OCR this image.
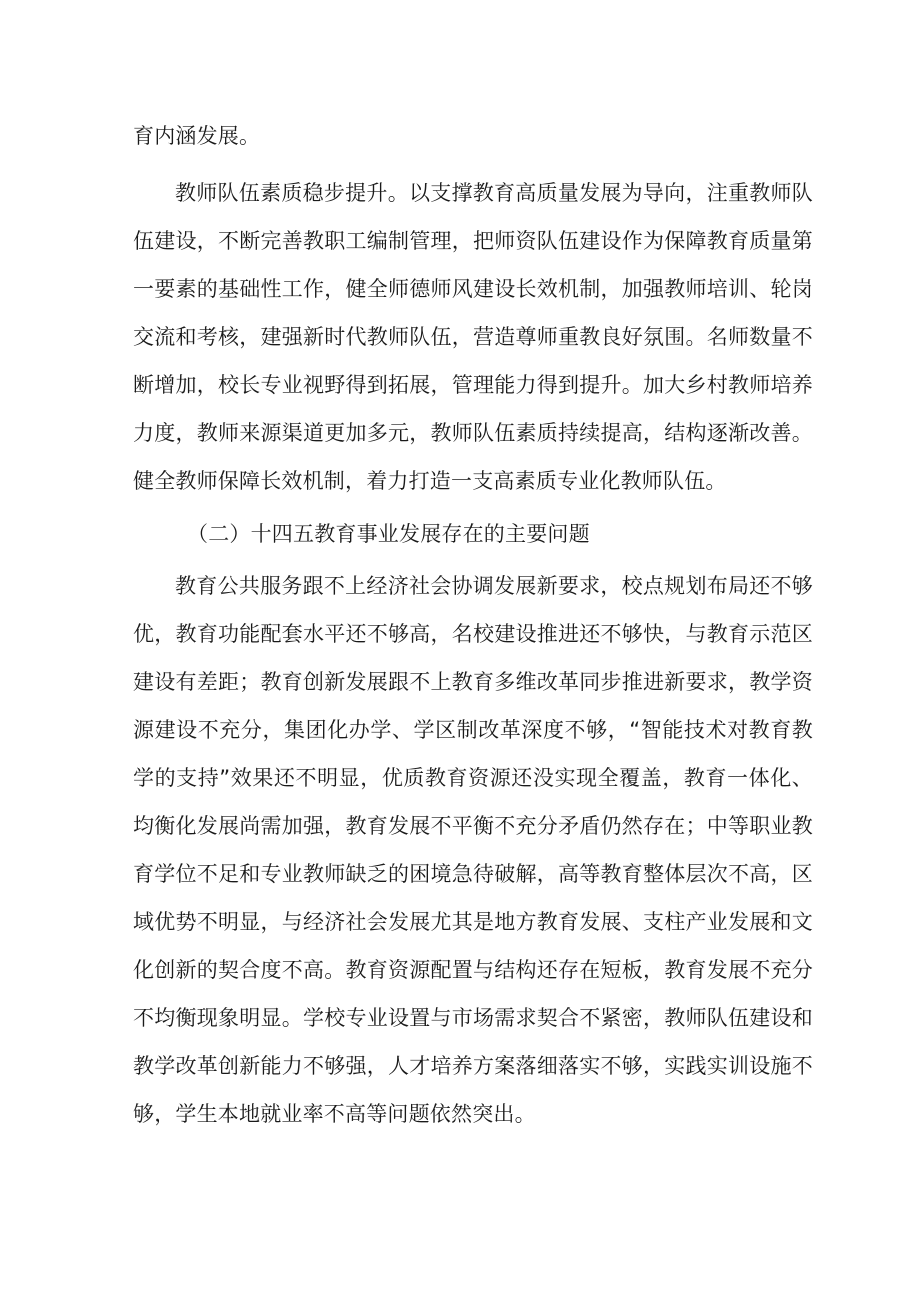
育内涵发展。

教师队伍素质稳步提升。以支撑教育高质量发展为导向，注重教师队伍建设，不断完善教职工编制管理，把师资队伍建设作为保障教育质量第一要素的基础性工作，健全师德师风建设长效机制，加强教师培训、轮岗交流和考核，建强新时代教师队伍，营造尊师重教良好氛围。名师数量不断增加，校长专业视野得到拓展，管理能力得到提升。加大乡村教师培养力度，教师来源渠道更加多元，教师队伍素质持续提高，结构逐渐改善。健全教师保障长效机制，着力打造一支高素质专业化教师队伍。

（二）十四五教育事业发展存在的主要问题

教育公共服务跟不上经济社会协调发展新要求，校点规划布局还不够优，教育功能配套水平还不够高，名校建设推进还不够快，与教育示范区建设有差距；教育创新发展跟不上教育多维改革同步推进新要求，教学资源建设不充分，集团化办学、学区制改革深度不够，“智能技术对教育教学的支持”效果还不明显，优质教育资源还没实现全覆盖，教育一体化、均衡化发展尚需加强，教育发展不平衡不充分矛盾仍然存在；中等职业教育学位不足和专业教师缺乏的困境急待破解，高等教育整体层次不高，区域优势不明显，与经济社会发展尤其是地方教育发展、支柱产业发展和文化创新的契合度不高。教育资源配置与结构还存在短板，教育发展不充分不均衡现象明显。学校专业设置与市场需求契合不紧密，教师队伍建设和教学改革创新能力不够强，人才培养方案落细落实不够，实践实训设施不够，学生本地就业率不高等问题依然突出。
